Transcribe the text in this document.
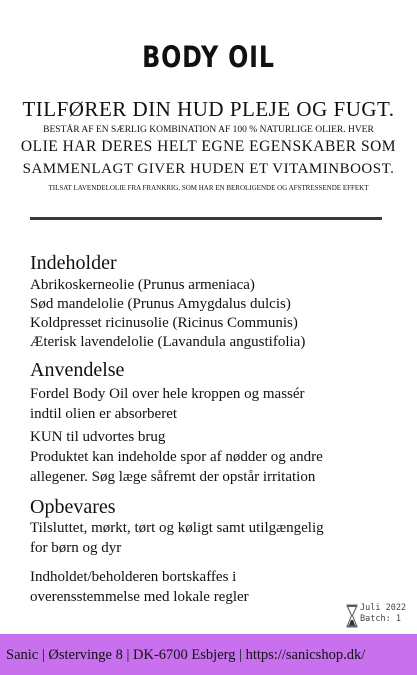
BODY OIL
TILFØRER DIN HUD PLEJE OG FUGT.
BESTÅR AF EN SÆRLIG KOMBINATION AF 100 % NATURLIGE OLIER. HVER
OLIE HAR DERES HELT EGNE EGENSKABER SOM
SAMMENLAGT GIVER HUDEN ET VITAMINBOOST.
TILSAT LAVENDELOLIE FRA FRANKRIG, SOM HAR EN BEROLIGENDE OG AFSTRESSENDE EFFEKT
Indeholder
Abrikoskerneolie (Prunus armeniaca)
Sød mandelolie (Prunus Amygdalus dulcis)
Koldpresset ricinusolie (Ricinus Communis)
Æterisk lavendelolie (Lavandula angustifolia)
Anvendelse
Fordel Body Oil over hele kroppen og massér
indtil olien er absorberet
KUN til udvortes brug
Produktet kan indeholde spor af nødder og andre
allegener. Søg læge såfremt der opstår irritation
Opbevares
Tilsluttet, mørkt, tørt og køligt samt utilgængelig
for børn og dyr
Indholdet/beholderen bortskaffes i
overensstemmelse med lokale regler
Juli 2022
Batch: 1
Sanic | Østervinge 8 | DK-6700 Esbjerg | https://sanicshop.dk/
